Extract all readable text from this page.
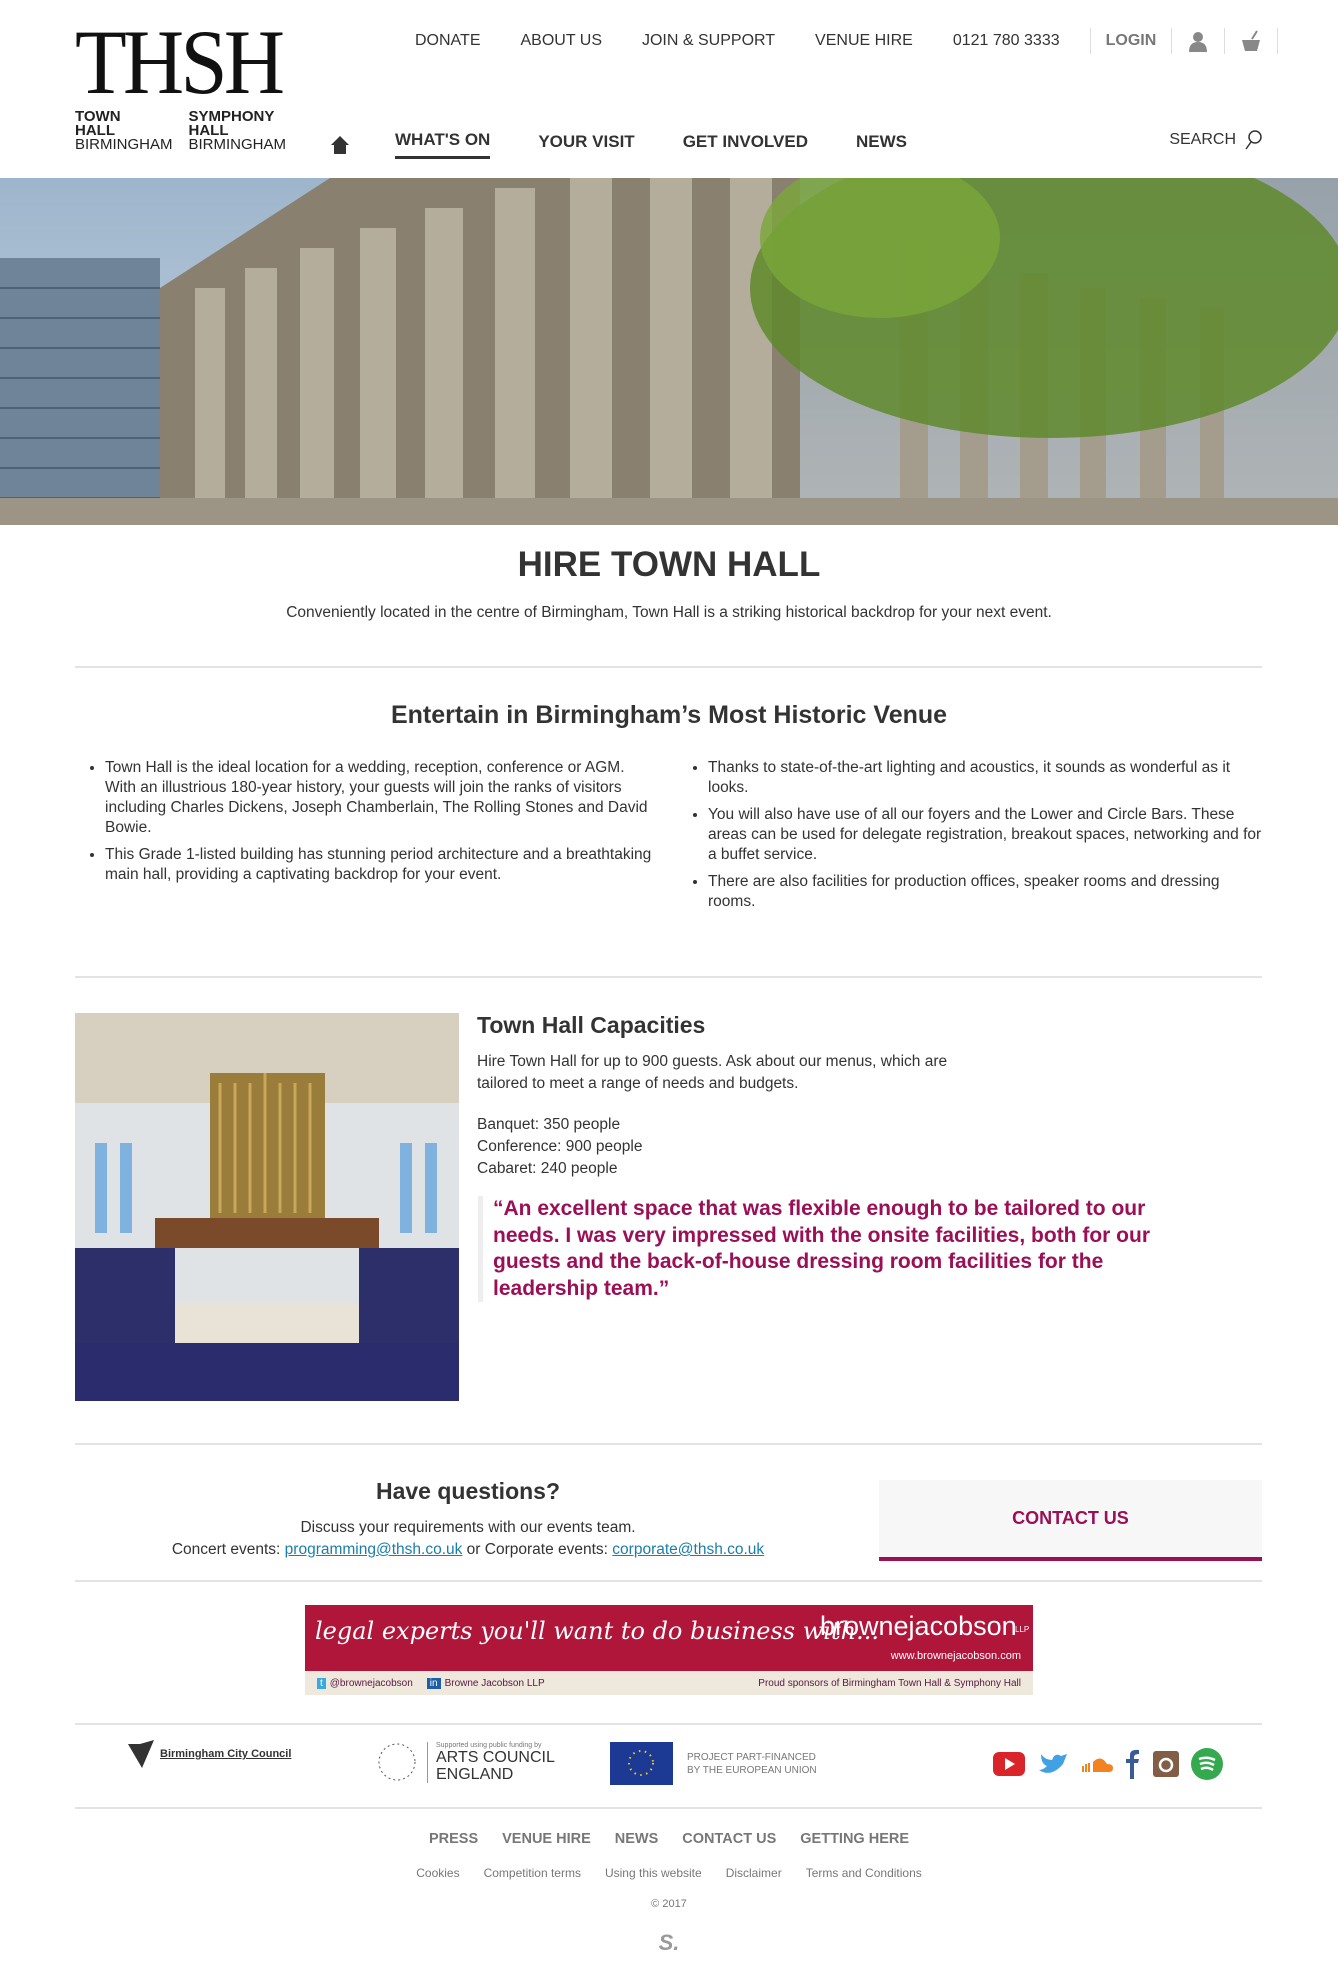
THSH
TOWN
HALL
BIRMINGHAM
SYMPHONY
HALL
BIRMINGHAM
DONATE	ABOUT US	JOIN & SUPPORT	VENUE HIRE	0121 780 3333	LOGIN
WHAT'S ON	YOUR VISIT	GET INVOLVED	NEWS	SEARCH
HIRE TOWN HALL

Conveniently located in the centre of Birmingham, Town Hall is a striking historical backdrop for your next event.

Entertain in Birmingham’s Most Historic Venue
• Town Hall is the ideal location for a wedding, reception, conference or AGM. With an illustrious 180-year history, your guests will join the ranks of visitors including Charles Dickens, Joseph Chamberlain, The Rolling Stones and David Bowie.
• This Grade 1-listed building has stunning period architecture and a breathtaking main hall, providing a captivating backdrop for your event.
• Thanks to state-of-the-art lighting and acoustics, it sounds as wonderful as it looks.
• You will also have use of all our foyers and the Lower and Circle Bars. These areas can be used for delegate registration, breakout spaces, networking and for a buffet service.
• There are also facilities for production offices, speaker rooms and dressing rooms.
Town Hall Capacities

Hire Town Hall for up to 900 guests. Ask about our menus, which are tailored to meet a range of needs and budgets.

Banquet: 350 people
Conference: 900 people
Cabaret: 240 people
“An excellent space that was flexible enough to be tailored to our needs. I was very impressed with the onsite facilities, both for our guests and the back-of-house dressing room facilities for the leadership team.”
Have questions?

Discuss your requirements with our events team.

Concert events: programming@thsh.co.uk or Corporate events: corporate@thsh.co.uk

CONTACT US
legal experts you'll want to do business with...
brownejacobson
LLP
www.brownejacobson.com
t @brownejacobson	in Browne Jacobson LLP	Proud sponsors of Birmingham Town Hall & Symphony Hall
Birmingham City Council
Supported using public funding by
ARTS COUNCIL
ENGLAND
PROJECT PART-FINANCED
BY THE EUROPEAN UNION
PRESS VENUE HIRE NEWS CONTACT US GETTING HERE
Cookies Competition terms Using this website Disclaimer Terms and Conditions
© 2017
S.
